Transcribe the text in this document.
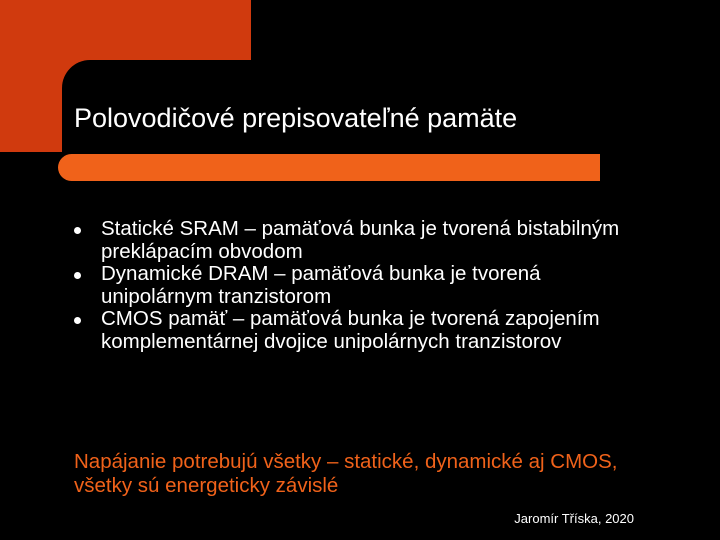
Polovodičové prepisovateľné pamäte
Statické SRAM – pamäťová bunka je tvorená bistabilným preklápacím obvodom
Dynamické DRAM – pamäťová bunka je tvorená unipolárnym tranzistorom
CMOS pamäť – pamäťová bunka je tvorená zapojením komplementárnej dvojice unipolárnych tranzistorov

Napájanie potrebujú všetky – statické, dynamické aj CMOS, všetky sú energeticky závislé

Jaromír Tříska, 2020
